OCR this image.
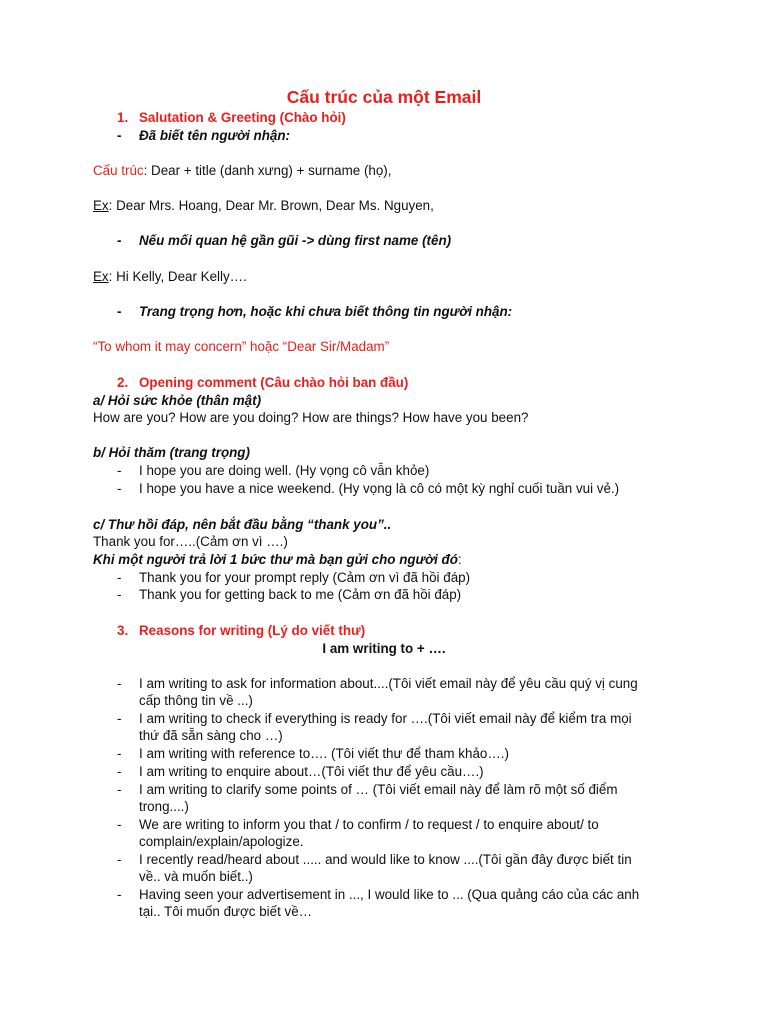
Cấu trúc của một Email
1. Salutation & Greeting (Chào hỏi)
- Đã biết tên người nhận:
Cấu trúc: Dear + title (danh xưng) + surname (họ),
Ex: Dear Mrs. Hoang, Dear Mr. Brown, Dear Ms. Nguyen,
- Nếu mối quan hệ gần gũi -> dùng first name (tên)
Ex: Hi Kelly, Dear Kelly….
- Trang trọng hơn, hoặc khi chưa biết thông tin người nhận:
“To whom it may concern” hoặc “Dear Sir/Madam”
2. Opening comment (Câu chào hỏi ban đầu)
a/ Hỏi sức khỏe (thân mật)
How are you? How are you doing? How are things? How have you been?
b/ Hỏi thăm (trang trọng)
- I hope you are doing well. (Hy vọng cô vẫn khỏe)
- I hope you have a nice weekend. (Hy vọng là cô có một kỳ nghỉ cuối tuần vui vẻ.)
c/ Thư hồi đáp, nên bắt đầu bằng “thank you”..
Thank you for…..(Cảm ơn vì ….)
Khi một người trả lời 1 bức thư mà bạn gửi cho người đó:
- Thank you for your prompt reply (Cảm ơn vì đã hồi đáp)
- Thank you for getting back to me (Cảm ơn đã hồi đáp)
3. Reasons for writing (Lý do viết thư)
I am writing to + ….
- I am writing to ask for information about....(Tôi viết email này để yêu cầu quý vị cung
cấp thông tin về ...)
- I am writing to check if everything is ready for ….(Tôi viết email này để kiểm tra mọi
thứ đã sẵn sàng cho …)
- I am writing with reference to…. (Tôi viết thư để tham khảo….)
- I am writing to enquire about…(Tôi viết thư để yêu cầu….)
- I am writing to clarify some points of … (Tôi viết email này để làm rõ một số điểm
trong....)
- We are writing to inform you that / to confirm / to request / to enquire about/ to
complain/explain/apologize.
- I recently read/heard about ..... and would like to know ....(Tôi gần đây được biết tin
về.. và muốn biết..)
- Having seen your advertisement in ..., I would like to ... (Qua quảng cáo của các anh
tại.. Tôi muốn được biết về…
